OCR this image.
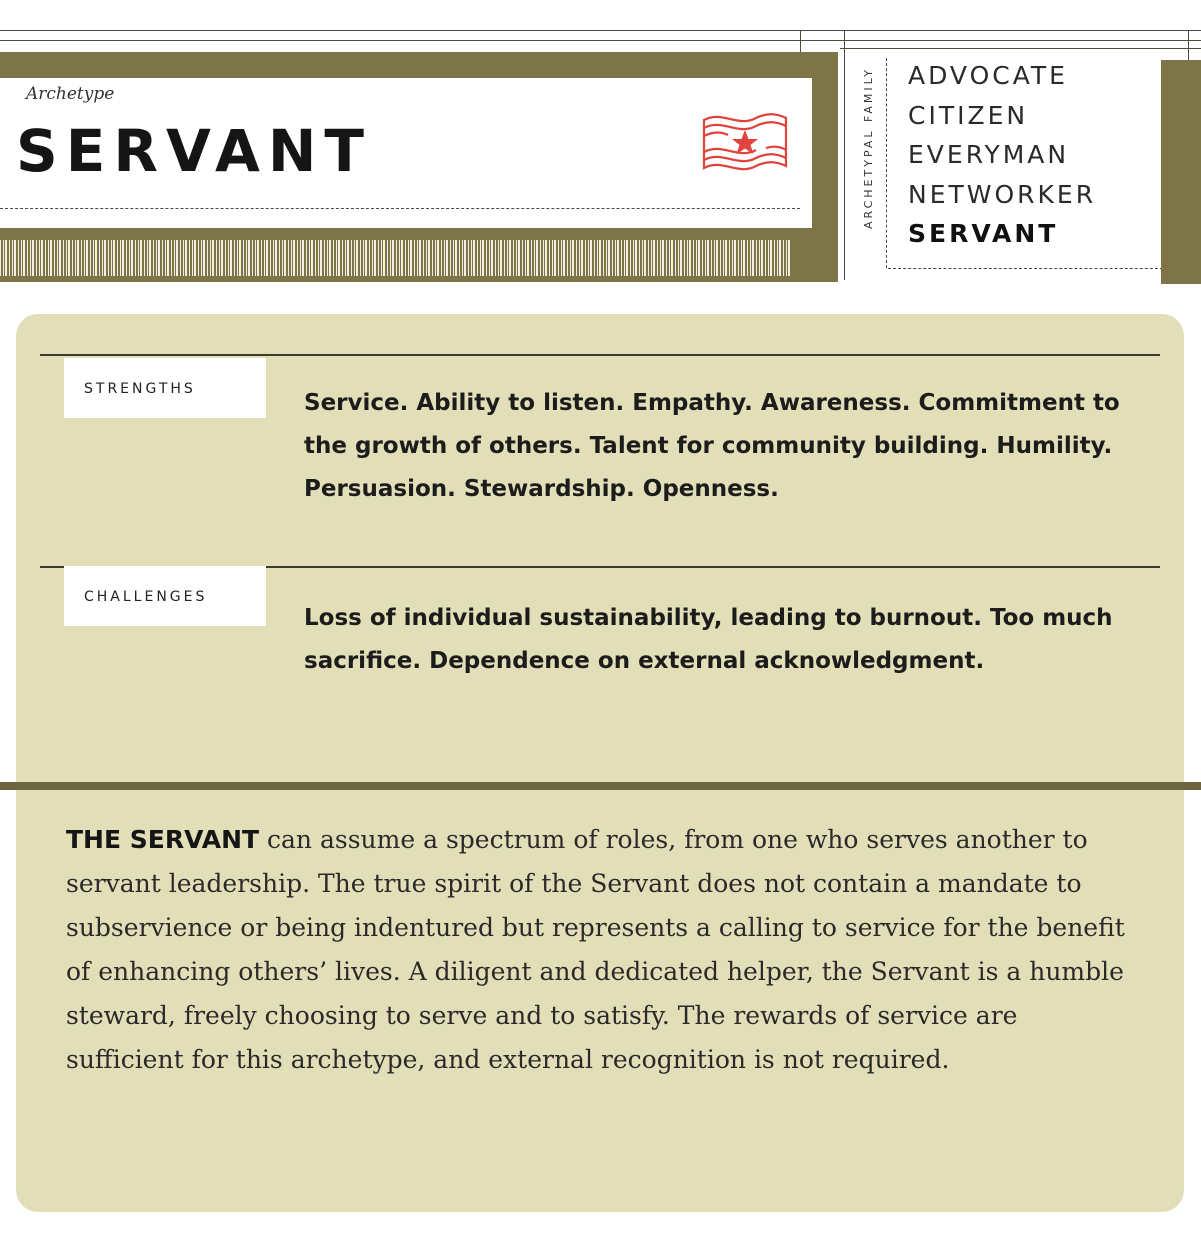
Archetype
SERVANT	ARCHETYPAL FAMILY ADVOCATE
CITIZEN
EVERYMAN
NETWORKER
SERVANT
STRENGTHS
Service. Ability to listen. Empathy. Awareness. Commitment to the growth of others. Talent for community building. Humility. Persuasion. Stewardship. Openness.
CHALLENGES
Loss of individual sustainability, leading to burnout. Too much sacrifice. Dependence on external acknowledgment.
THE SERVANT can assume a spectrum of roles, from one who serves another to servant leadership. The true spirit of the Servant does not contain a mandate to subservience or being indentured but represents a calling to service for the benefit of enhancing others’ lives. A diligent and dedicated helper, the Servant is a humble steward, freely choosing to serve and to satisfy. The rewards of service are sufficient for this archetype, and external recognition is not required.
